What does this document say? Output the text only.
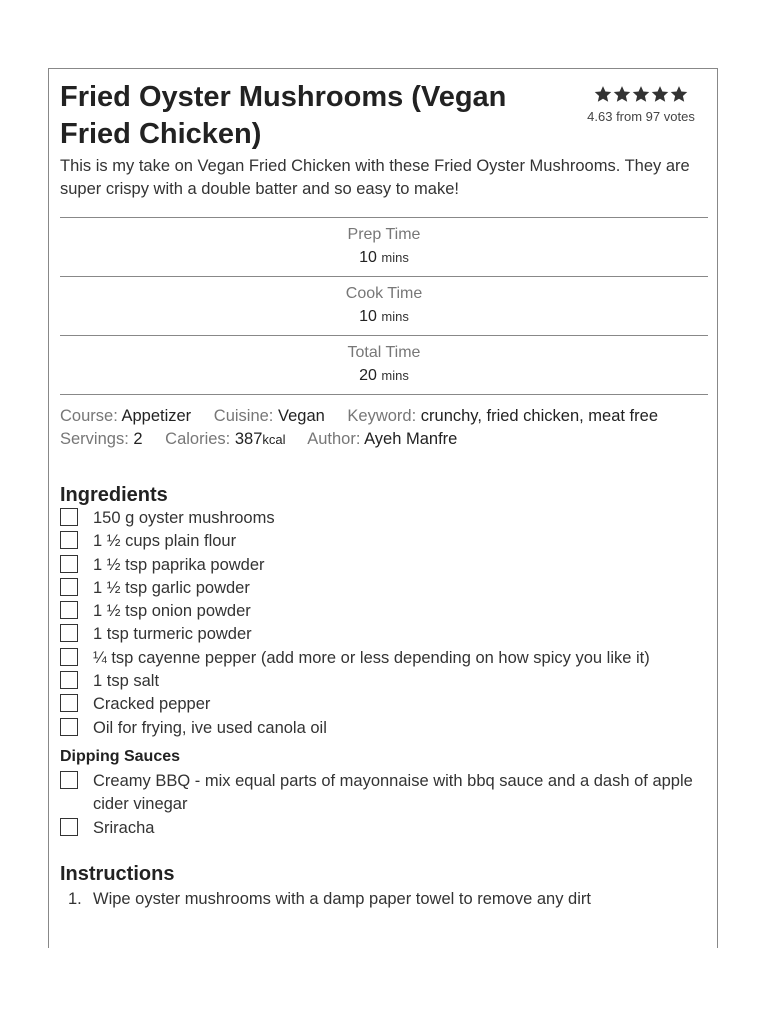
Fried Oyster Mushrooms (Vegan Fried Chicken)
4.63 from 97 votes

This is my take on Vegan Fried Chicken with these Fried Oyster Mushrooms. They are super crispy with a double batter and so easy to make!

Prep Time
10 mins
Cook Time
10 mins
Total Time
20 mins
Course: Appetizer Cuisine: Vegan Keyword: crunchy, fried chicken, meat free
Servings: 2 Calories: 387kcal Author: Ayeh Manfre
Ingredients
150 g oyster mushrooms
1 ½ cups plain flour
1 ½ tsp paprika powder
1 ½ tsp garlic powder
1 ½ tsp onion powder
1 tsp turmeric powder
¼ tsp cayenne pepper (add more or less depending on how spicy you like it)
1 tsp salt
Cracked pepper
Oil for frying, ive used canola oil
Dipping Sauces
Creamy BBQ - mix equal parts of mayonnaise with bbq sauce and a dash of apple cider vinegar
Sriracha
Instructions
1. Wipe oyster mushrooms with a damp paper towel to remove any dirt
